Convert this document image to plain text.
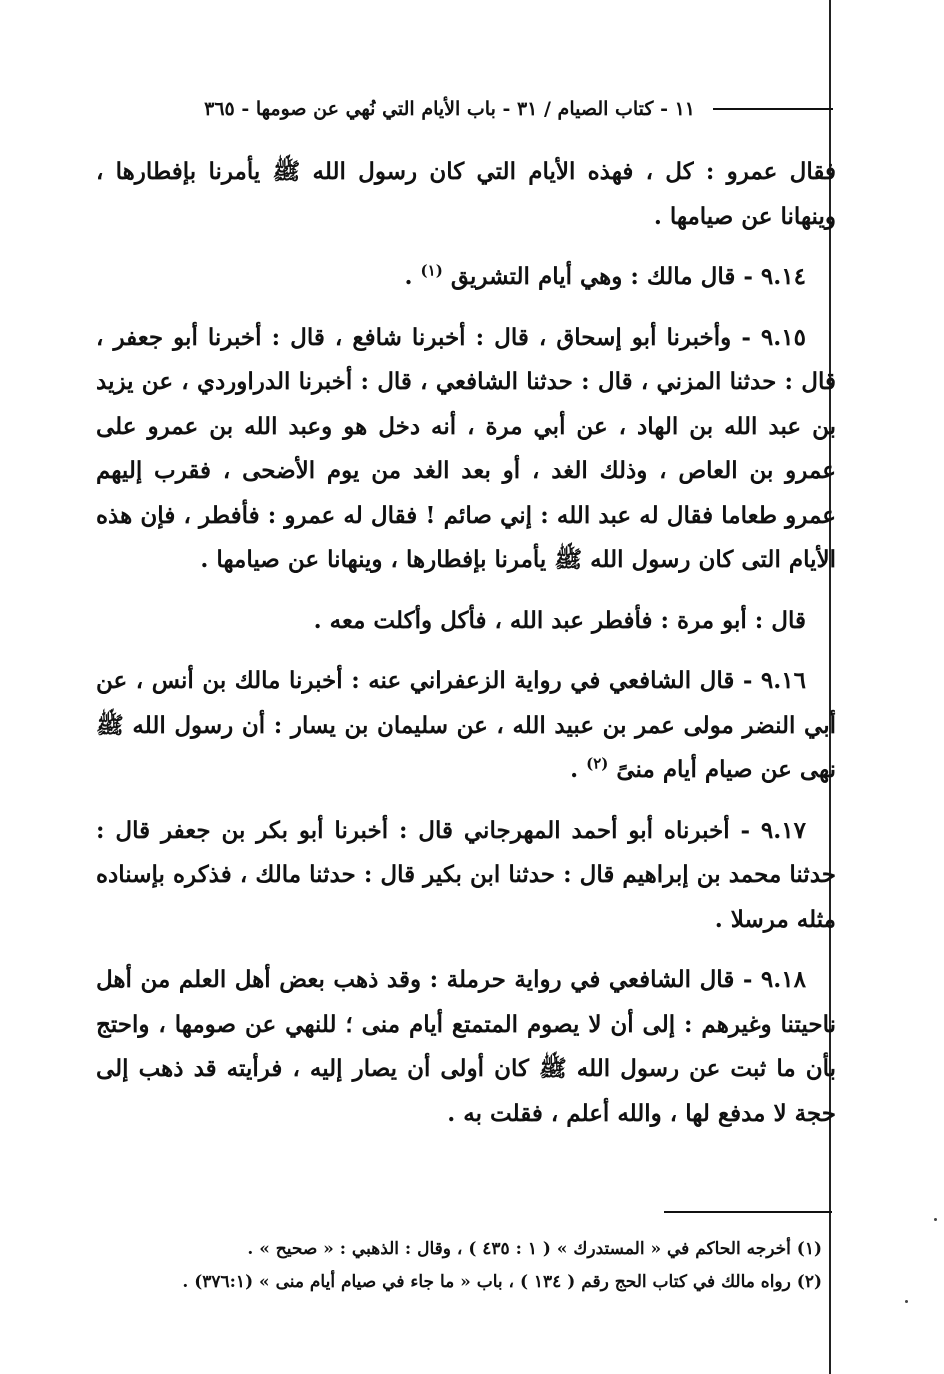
١١ - كتاب الصيام / ٣١ - باب الأيام التي نُهي عن صومها - ٣٦٥

فقال عمرو : كل ، فهذه الأيام التي كان رسول الله ﷺ يأمرنا بإفطارها ، وينهانا عن صيامها .

٩.١٤ - قال مالك : وهي أيام التشريق $^{(١)}$ .

٩.١٥ - وأخبرنا أبو إسحاق ، قال : أخبرنا شافع ، قال : أخبرنا أبو جعفر ، قال : حدثنا المزني ، قال : حدثنا الشافعي ، قال : أخبرنا الدراوردي ، عن يزيد بن عبد الله بن الهاد ، عن أبي مرة ، أنه دخل هو وعبد الله بن عمرو على عمرو بن العاص ، وذلك الغد ، أو بعد الغد من يوم الأضحى ، فقرب إليهم عمرو طعاما فقال له عبد الله : إني صائم ! فقال له عمرو : فأفطر ، فإن هذه الأيام التى كان رسول الله ﷺ يأمرنا بإفطارها ، وينهانا عن صيامها .

قال : أبو مرة : فأفطر عبد الله ، فأكل وأكلت معه .

٩.١٦ - قال الشافعي في رواية الزعفراني عنه : أخبرنا مالك بن أنس ، عن أبي النضر مولى عمر بن عبيد الله ، عن سليمان بن يسار : أن رسول الله ﷺ نهى عن صيام أيام منىً $^{(٢)}$ .

٩.١٧ - أخبرناه أبو أحمد المهرجاني قال : أخبرنا أبو بكر بن جعفر قال : حدثنا محمد بن إبراهيم قال : حدثنا ابن بكير قال : حدثنا مالك ، فذكره بإسناده مثله مرسلا .

٩.١٨ - قال الشافعي في رواية حرملة : وقد ذهب بعض أهل العلم من أهل ناحيتنا وغيرهم : إلى أن لا يصوم المتمتع أيام منى ؛ للنهي عن صومها ، واحتج بأن ما ثبت عن رسول الله ﷺ كان أولى أن يصار إليه ، فرأيته قد ذهب إلى حجة لا مدفع لها ، والله أعلم ، فقلت به .

(١) أخرجه الحاكم في « المستدرك » ( ١ : ٤٣٥ ) ، وقال : الذهبي : « صحيح » .
(٢) رواه مالك في كتاب الحج رقم ( ١٣٤ ) ، باب « ما جاء في صيام أيام منى » (٣٧٦:١) .
